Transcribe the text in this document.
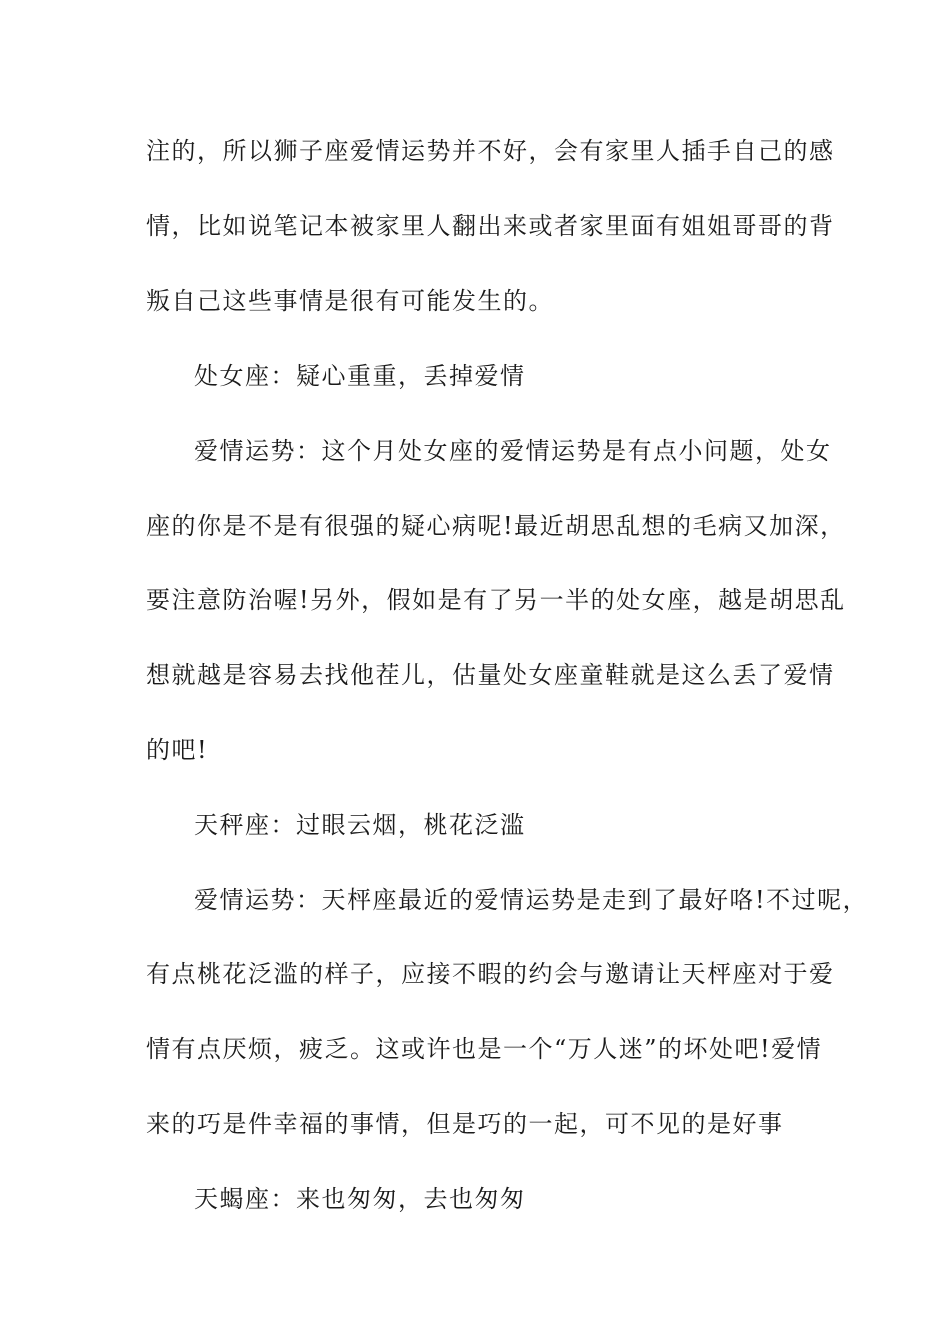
注的，所以狮子座爱情运势并不好，会有家里人插手自己的感
情，比如说笔记本被家里人翻出来或者家里面有姐姐哥哥的背
叛自己这些事情是很有可能发生的。
处女座：疑心重重，丢掉爱情
爱情运势：这个月处女座的爱情运势是有点小问题，处女
座的你是不是有很强的疑心病呢!最近胡思乱想的毛病又加深，
要注意防治喔!另外，假如是有了另一半的处女座，越是胡思乱
想就越是容易去找他茬儿，估量处女座童鞋就是这么丢了爱情
的吧!
天秤座：过眼云烟，桃花泛滥
爱情运势：天枰座最近的爱情运势是走到了最好咯!不过呢，
有点桃花泛滥的样子，应接不暇的约会与邀请让天枰座对于爱
情有点厌烦，疲乏。这或许也是一个“万人迷”的坏处吧!爱情
来的巧是件幸福的事情，但是巧的一起，可不见的是好事
天蝎座：来也匆匆，去也匆匆
